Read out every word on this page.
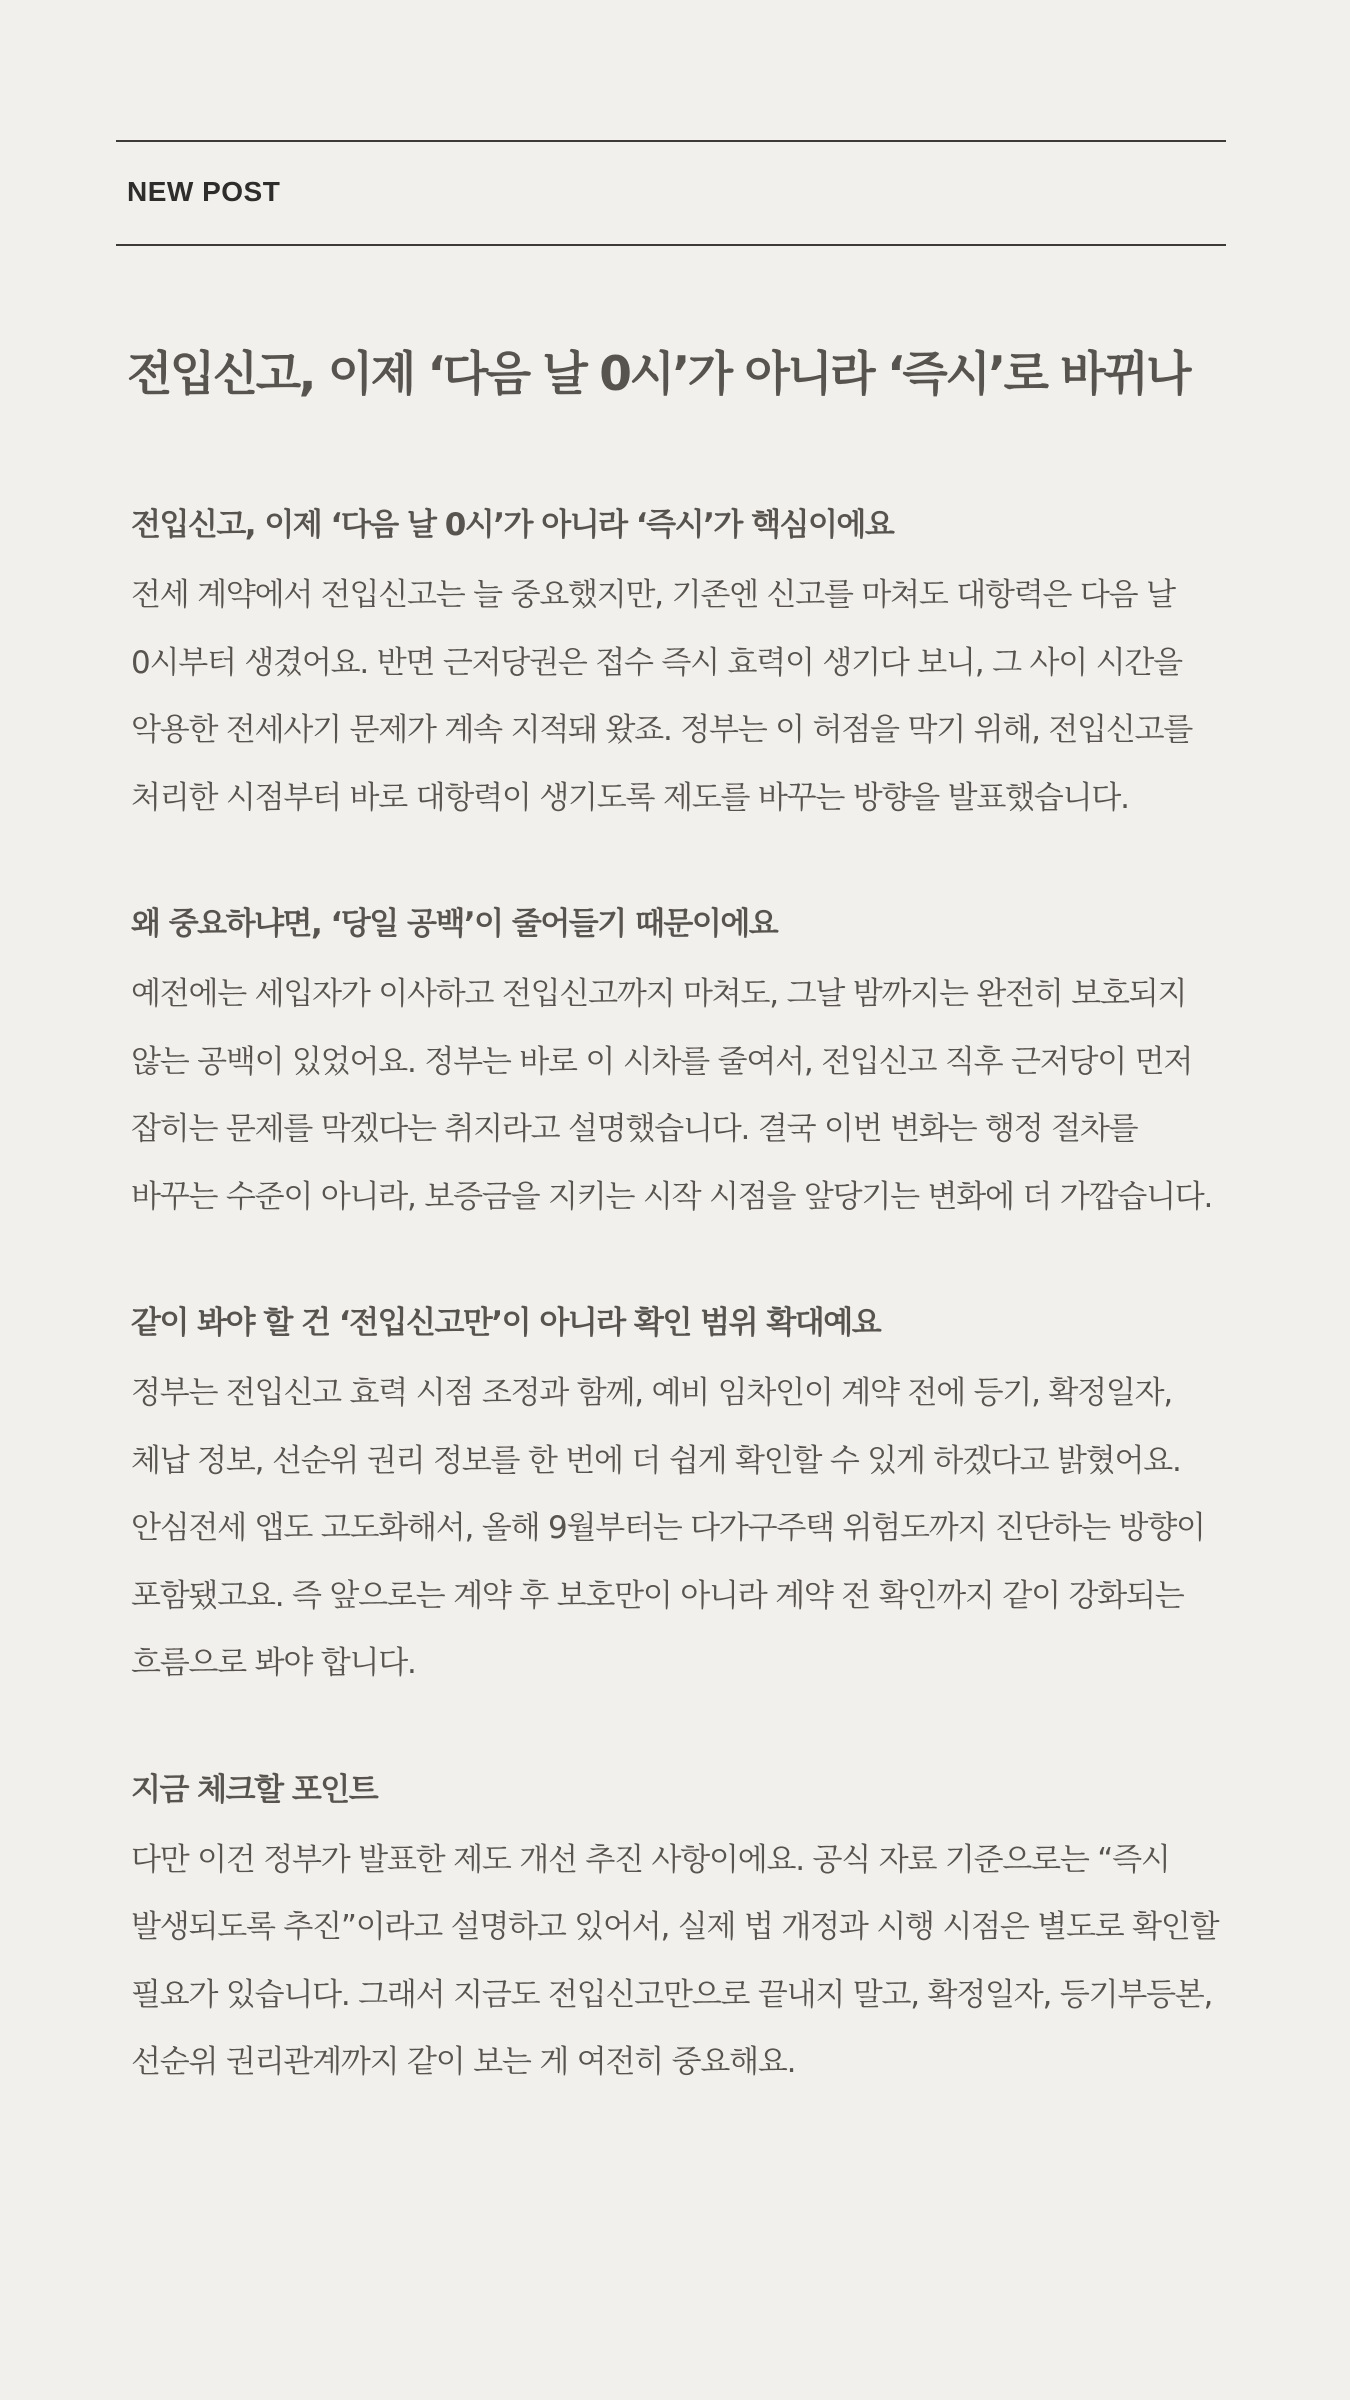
NEW POST
전입신고, 이제 ‘다음 날 0시’가 아니라 ‘즉시’로 바뀌나
전입신고, 이제 ‘다음 날 0시’가 아니라 ‘즉시’가 핵심이에요

전세 계약에서 전입신고는 늘 중요했지만, 기존엔 신고를 마쳐도 대항력은 다음 날 0시부터 생겼어요. 반면 근저당권은 접수 즉시 효력이 생기다 보니, 그 사이 시간을 악용한 전세사기 문제가 계속 지적돼 왔죠. 정부는 이 허점을 막기 위해, 전입신고를 처리한 시점부터 바로 대항력이 생기도록 제도를 바꾸는 방향을 발표했습니다.

왜 중요하냐면, ‘당일 공백’이 줄어들기 때문이에요

예전에는 세입자가 이사하고 전입신고까지 마쳐도, 그날 밤까지는 완전히 보호되지 않는 공백이 있었어요. 정부는 바로 이 시차를 줄여서, 전입신고 직후 근저당이 먼저 잡히는 문제를 막겠다는 취지라고 설명했습니다. 결국 이번 변화는 행정 절차를 바꾸는 수준이 아니라, 보증금을 지키는 시작 시점을 앞당기는 변화에 더 가깝습니다.

같이 봐야 할 건 ‘전입신고만’이 아니라 확인 범위 확대예요

정부는 전입신고 효력 시점 조정과 함께, 예비 임차인이 계약 전에 등기, 확정일자, 체납 정보, 선순위 권리 정보를 한 번에 더 쉽게 확인할 수 있게 하겠다고 밝혔어요. 안심전세 앱도 고도화해서, 올해 9월부터는 다가구주택 위험도까지 진단하는 방향이 포함됐고요. 즉 앞으로는 계약 후 보호만이 아니라 계약 전 확인까지 같이 강화되는 흐름으로 봐야 합니다.

지금 체크할 포인트

다만 이건 정부가 발표한 제도 개선 추진 사항이에요. 공식 자료 기준으로는 “즉시 발생되도록 추진”이라고 설명하고 있어서, 실제 법 개정과 시행 시점은 별도로 확인할 필요가 있습니다. 그래서 지금도 전입신고만으로 끝내지 말고, 확정일자, 등기부등본, 선순위 권리관계까지 같이 보는 게 여전히 중요해요.
